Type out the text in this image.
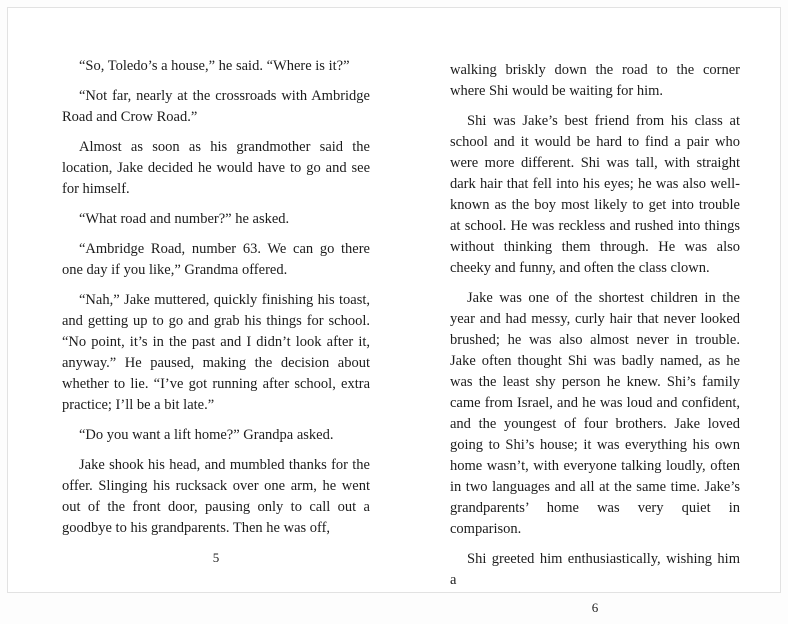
“So, Toledo’s a house,” he said. “Where is it?”

“Not far, nearly at the crossroads with Ambridge Road and Crow Road.”

Almost as soon as his grandmother said the location, Jake decided he would have to go and see for himself.

“What road and number?” he asked.

“Ambridge Road, number 63. We can go there one day if you like,” Grandma offered.

“Nah,” Jake muttered, quickly finishing his toast, and getting up to go and grab his things for school. “No point, it’s in the past and I didn’t look after it, anyway.” He paused, making the decision about whether to lie. “I’ve got running after school, extra practice; I’ll be a bit late.”

“Do you want a lift home?” Grandpa asked.

Jake shook his head, and mumbled thanks for the offer. Slinging his rucksack over one arm, he went out of the front door, pausing only to call out a goodbye to his grandparents. Then he was off,

5

walking briskly down the road to the corner where Shi would be waiting for him.

Shi was Jake’s best friend from his class at school and it would be hard to find a pair who were more different. Shi was tall, with straight dark hair that fell into his eyes; he was also well-known as the boy most likely to get into trouble at school. He was reckless and rushed into things without thinking them through. He was also cheeky and funny, and often the class clown.

Jake was one of the shortest children in the year and had messy, curly hair that never looked brushed; he was also almost never in trouble. Jake often thought Shi was badly named, as he was the least shy person he knew. Shi’s family came from Israel, and he was loud and confident, and the youngest of four brothers. Jake loved going to Shi’s house; it was everything his own home wasn’t, with everyone talking loudly, often in two languages and all at the same time. Jake’s grandparents’ home was very quiet in comparison.

Shi greeted him enthusiastically, wishing him a

6
